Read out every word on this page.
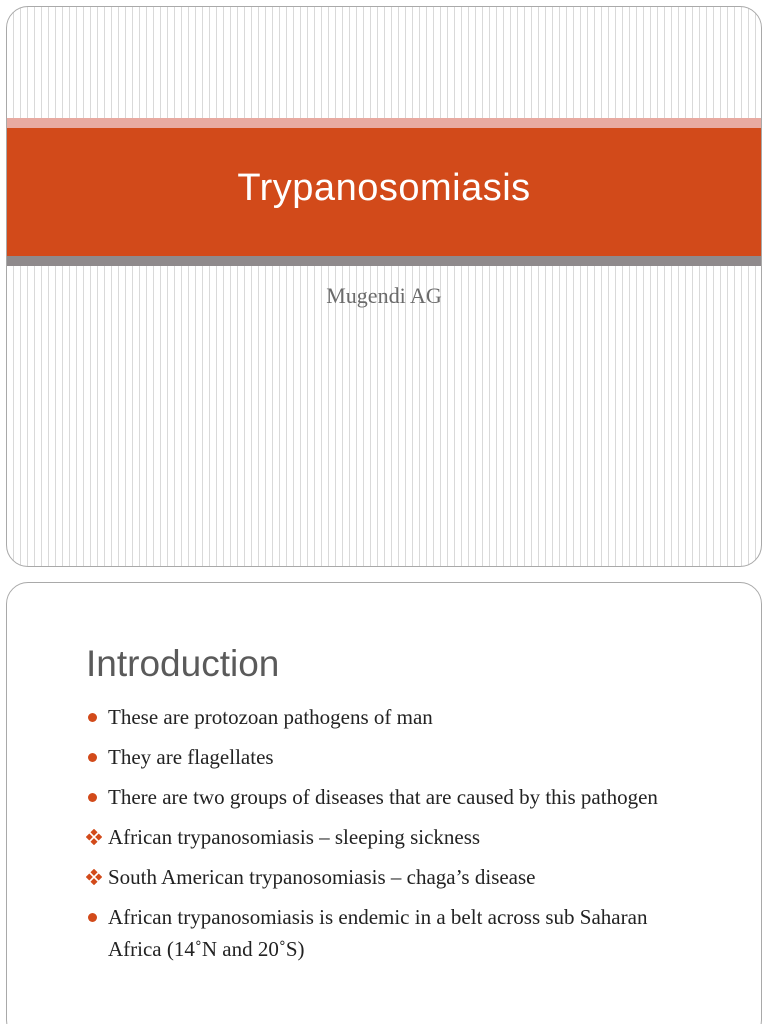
Trypanosomiasis
Mugendi AG
Introduction
These are protozoan pathogens of man
They are flagellates
There are two groups of diseases that are caused by this pathogen
African trypanosomiasis – sleeping sickness
South American trypanosomiasis – chaga’s disease
African trypanosomiasis is endemic in a belt across sub Saharan Africa (14˚N and 20˚S)
